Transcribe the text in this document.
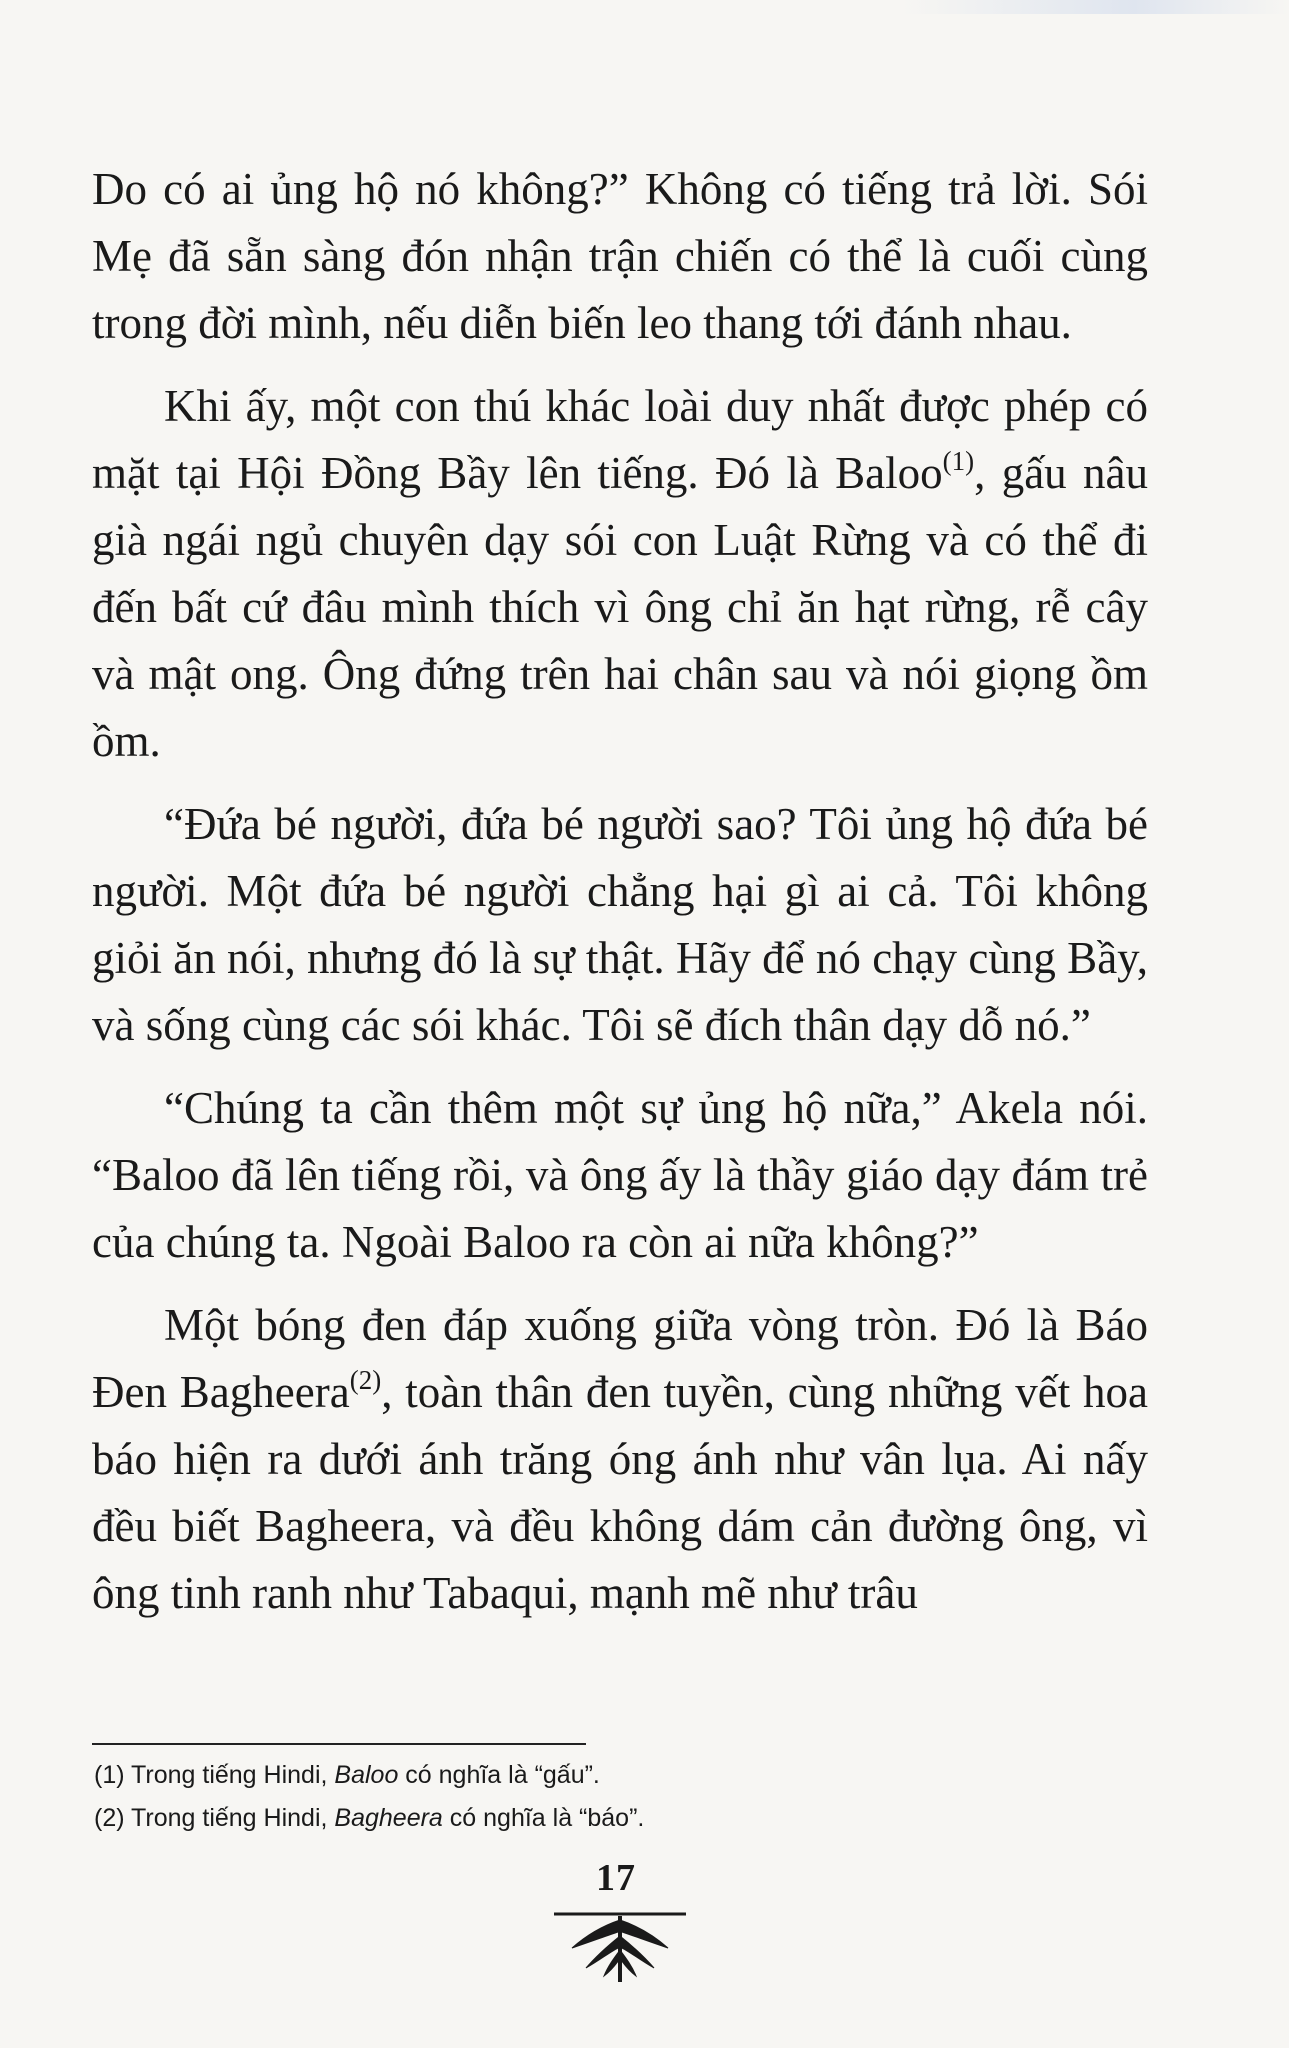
Do có ai ủng hộ nó không?” Không có tiếng trả lời. Sói Mẹ đã sẵn sàng đón nhận trận chiến có thể là cuối cùng trong đời mình, nếu diễn biến leo thang tới đánh nhau.

Khi ấy, một con thú khác loài duy nhất được phép có mặt tại Hội Đồng Bầy lên tiếng. Đó là Baloo$^{(1)}$, gấu nâu già ngái ngủ chuyên dạy sói con Luật Rừng và có thể đi đến bất cứ đâu mình thích vì ông chỉ ăn hạt rừng, rễ cây và mật ong. Ông đứng trên hai chân sau và nói giọng ồm ồm.

“Đứa bé người, đứa bé người sao? Tôi ủng hộ đứa bé người. Một đứa bé người chẳng hại gì ai cả. Tôi không giỏi ăn nói, nhưng đó là sự thật. Hãy để nó chạy cùng Bầy, và sống cùng các sói khác. Tôi sẽ đích thân dạy dỗ nó.”

“Chúng ta cần thêm một sự ủng hộ nữa,” Akela nói. “Baloo đã lên tiếng rồi, và ông ấy là thầy giáo dạy đám trẻ của chúng ta. Ngoài Baloo ra còn ai nữa không?”

Một bóng đen đáp xuống giữa vòng tròn. Đó là Báo Đen Bagheera$^{(2)}$, toàn thân đen tuyền, cùng những vết hoa báo hiện ra dưới ánh trăng óng ánh như vân lụa. Ai nấy đều biết Bagheera, và đều không dám cản đường ông, vì ông tinh ranh như Tabaqui, mạnh mẽ như trâu

(1) Trong tiếng Hindi, Baloo có nghĩa là “gấu”.

(2) Trong tiếng Hindi, Bagheera có nghĩa là “báo”.

17
